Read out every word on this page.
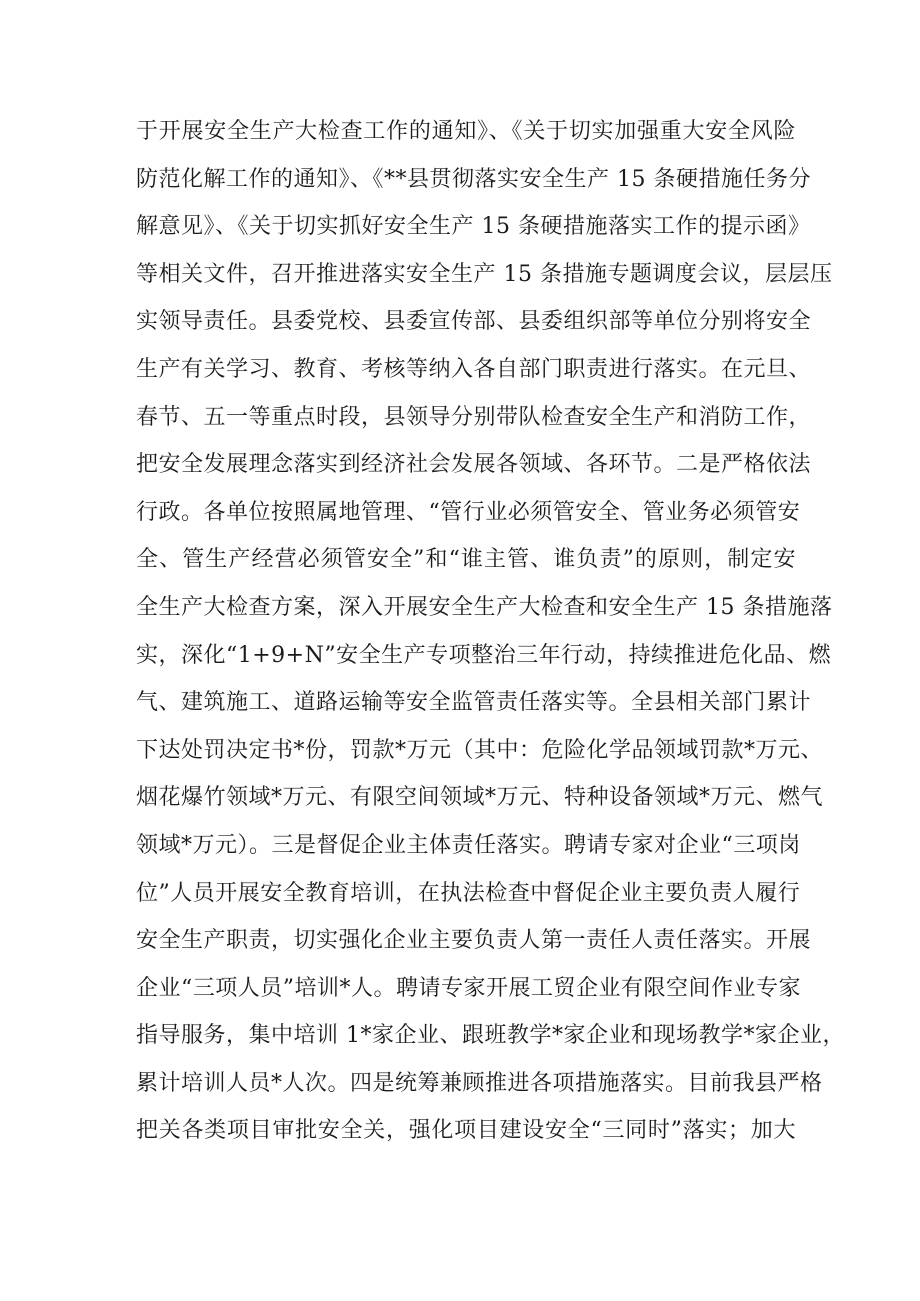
于开展安全生产大检查工作的通知》、《关于切实加强重大安全风险
防范化解工作的通知》、《**县贯彻落实安全生产 15 条硬措施任务分
解意见》、《关于切实抓好安全生产 15 条硬措施落实工作的提示函》
等相关文件，召开推进落实安全生产 15 条措施专题调度会议，层层压
实领导责任。县委党校、县委宣传部、县委组织部等单位分别将安全
生产有关学习、教育、考核等纳入各自部门职责进行落实。在元旦、
春节、五一等重点时段，县领导分别带队检查安全生产和消防工作，
把安全发展理念落实到经济社会发展各领域、各环节。二是严格依法
行政。各单位按照属地管理、“管行业必须管安全、管业务必须管安
全、管生产经营必须管安全”和“谁主管、谁负责”的原则，制定安
全生产大检查方案，深入开展安全生产大检查和安全生产 15 条措施落
实，深化“1+9+N”安全生产专项整治三年行动，持续推进危化品、燃
气、建筑施工、道路运输等安全监管责任落实等。全县相关部门累计
下达处罚决定书*份，罚款*万元（其中：危险化学品领域罚款*万元、
烟花爆竹领域*万元、有限空间领域*万元、特种设备领域*万元、燃气
领域*万元）。三是督促企业主体责任落实。聘请专家对企业“三项岗
位”人员开展安全教育培训，在执法检查中督促企业主要负责人履行
安全生产职责，切实强化企业主要负责人第一责任人责任落实。开展
企业“三项人员”培训*人。聘请专家开展工贸企业有限空间作业专家
指导服务，集中培训 1*家企业、跟班教学*家企业和现场教学*家企业，
累计培训人员*人次。四是统筹兼顾推进各项措施落实。目前我县严格
把关各类项目审批安全关，强化项目建设安全“三同时”落实；加大
